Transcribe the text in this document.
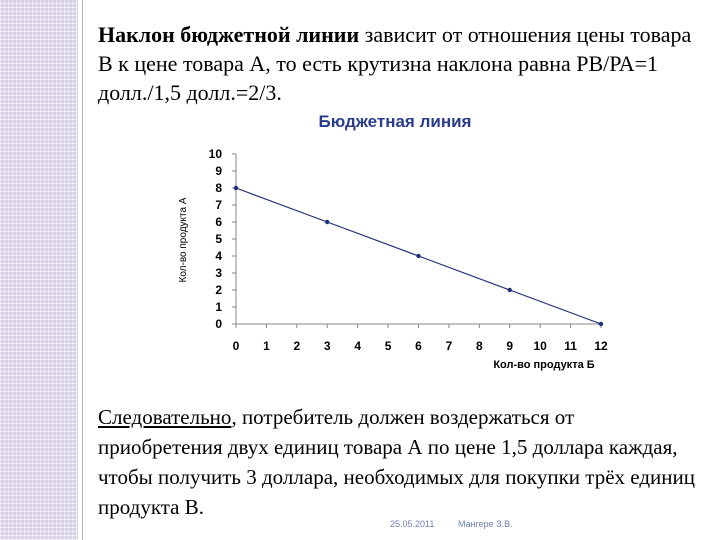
Наклон бюджетной линии зависит от отношения цены товара В к цене товара А, то есть крутизна наклона равна РВ/РА=1 долл./1,5 долл.=2/3.

Бюджетная линия
0
1
2
3
4
5
6
7
8
9
10
0 1 2 3 4 5 6 7 8 9 10 11 12
Кол-во продукта А
Кол-во продукта Б

Следовательно, потребитель должен воздержаться от приобретения двух единиц товара А по цене 1,5 доллара каждая, чтобы получить 3 доллара, необходимых для покупки трёх единиц продукта В.

25.05.2011	Мангере З.В.
